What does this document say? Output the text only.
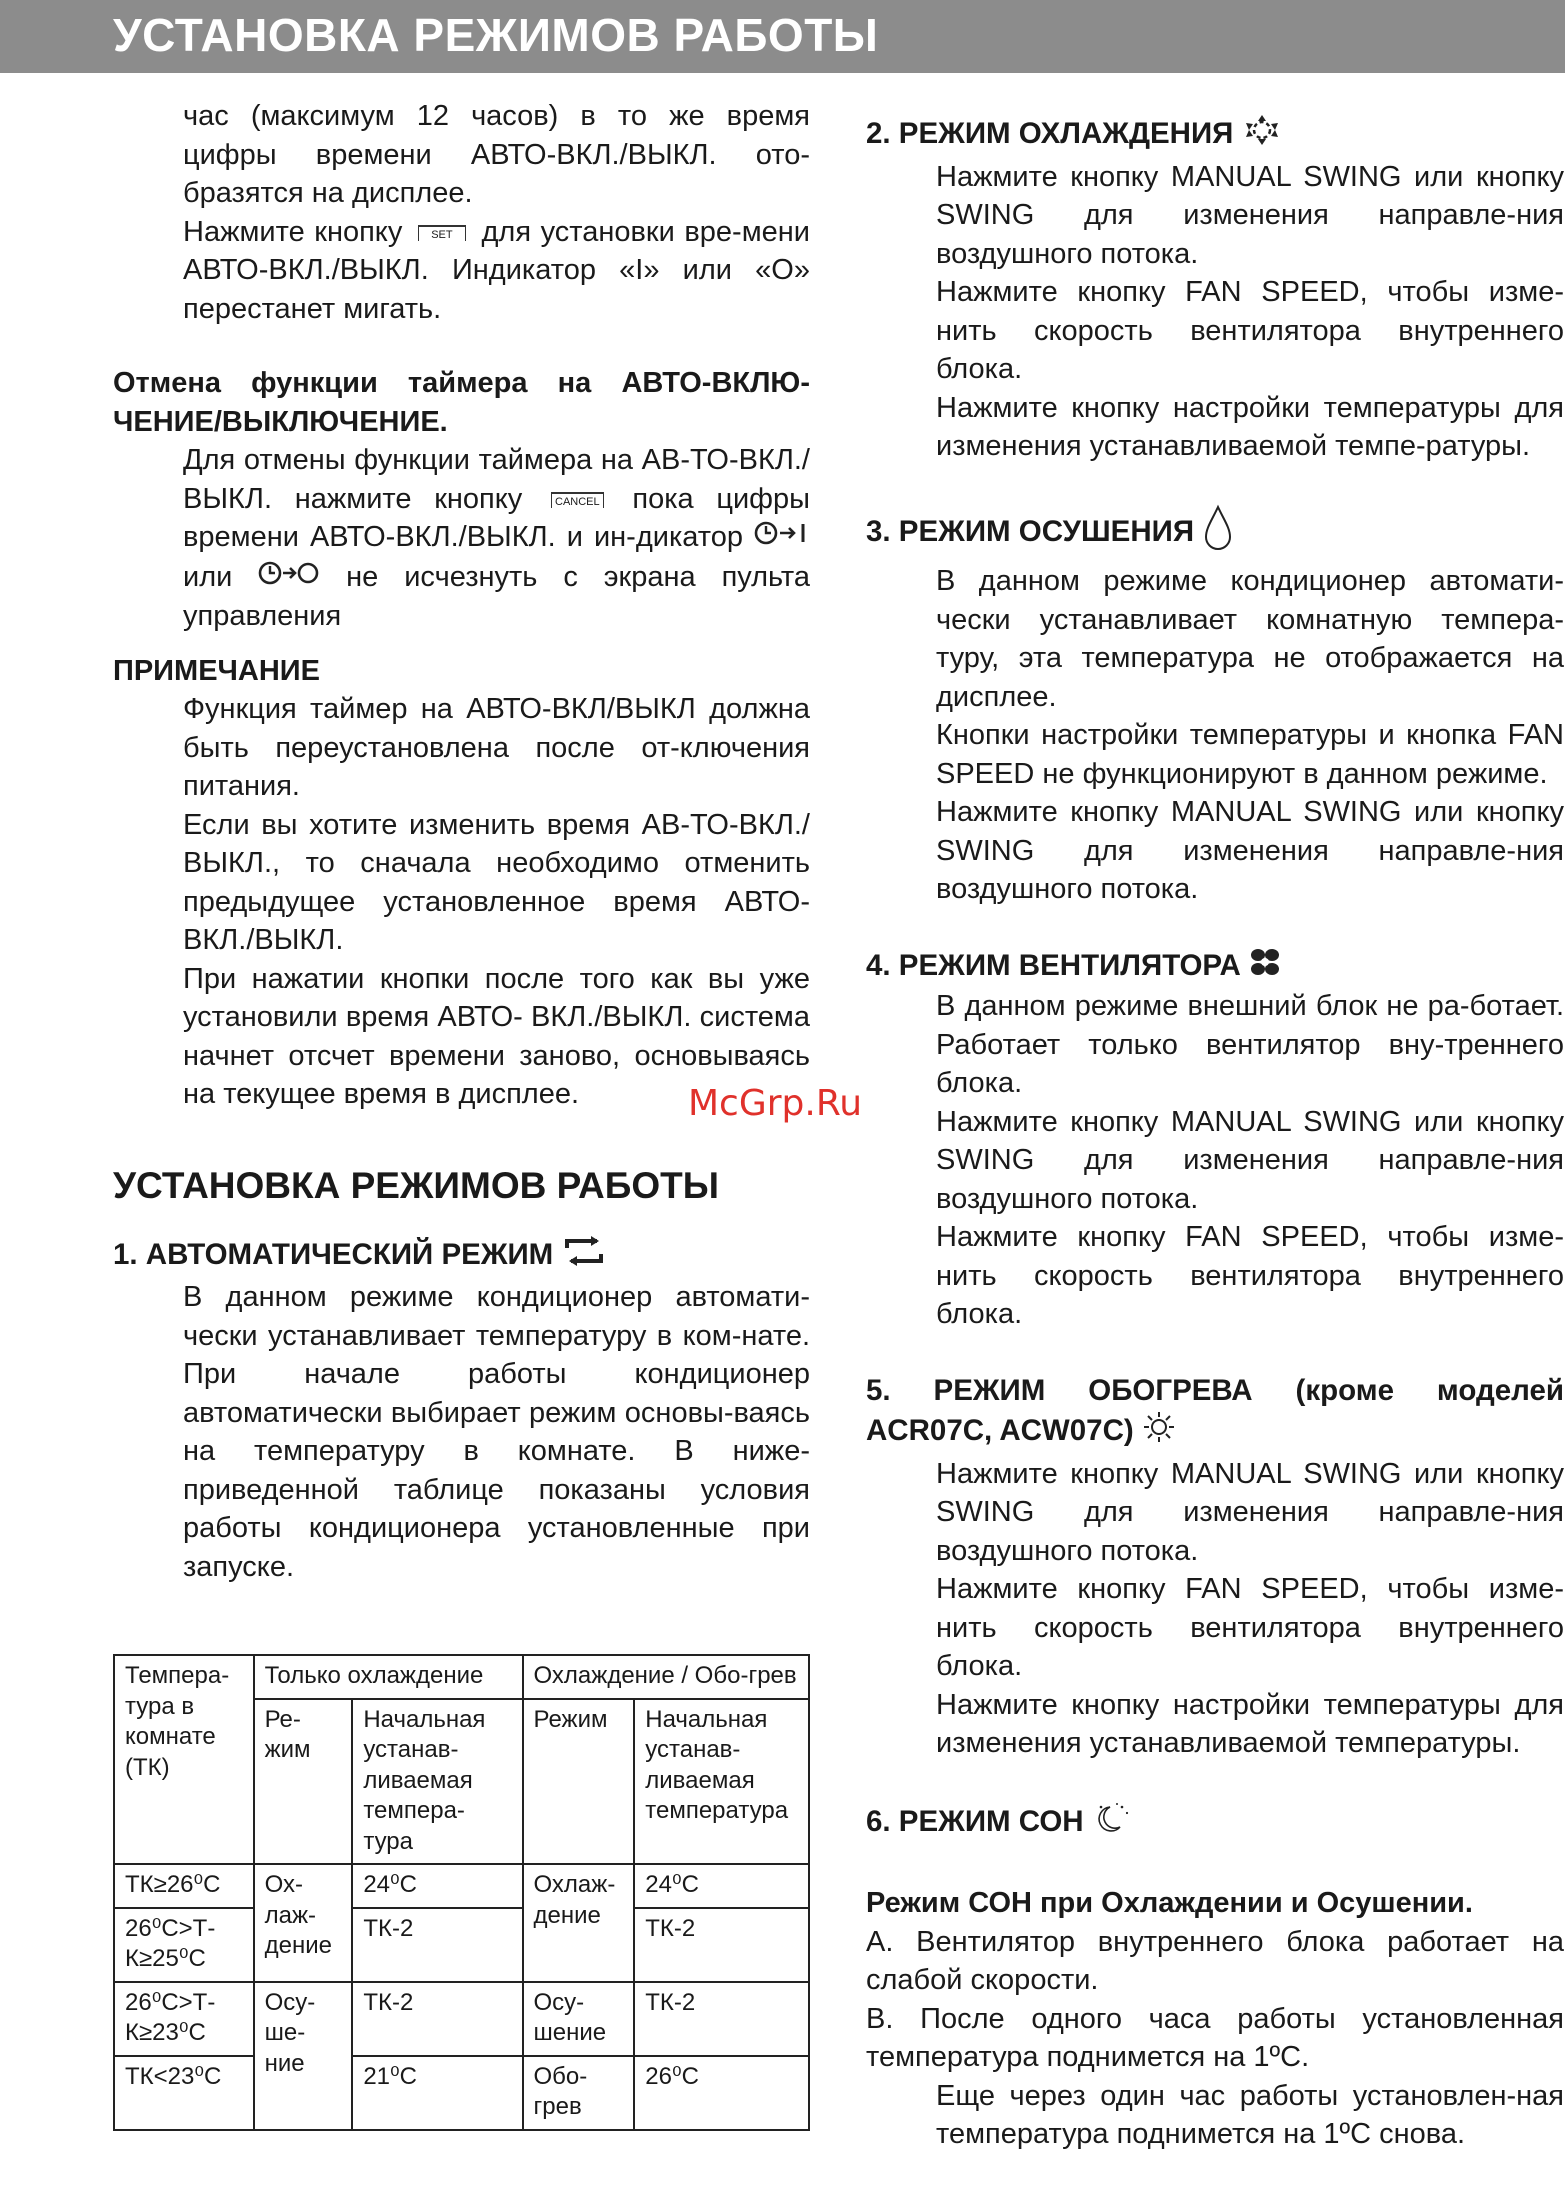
УСТАНОВКА РЕЖИМОВ РАБОТЫ

час (максимум 12 часов) в то же время цифры времени АВТО-ВКЛ./ВЫКЛ. ото-бразятся на дисплее.

Нажмите кнопку	SET для установки вре-мени АВТО-ВКЛ./ВЫКЛ. Индикатор «I» или «O» перестанет мигать.

Отмена функции таймера на АВТО-ВКЛЮ-ЧЕНИЕ/ВЫКЛЮЧЕНИЕ.

Для отмены функции таймера на АВ-ТО-ВКЛ./ВЫКЛ. нажмите кнопку	CANCEL пока цифры времени АВТО-ВКЛ./ВЫКЛ. и ин-дикатор  или	не исчезнуть с экрана пульта управления

ПРИМЕЧАНИЕ

Функция таймер на АВТО-ВКЛ/ВЫКЛ должна быть переустановлена после от-ключения питания.

Если вы хотите изменить время АВ-ТО-ВКЛ./ВЫКЛ., то сначала необходимо отменить предыдущее установленное время АВТО-ВКЛ./ВЫКЛ.

При нажатии кнопки после того как вы уже установили время АВТО- ВКЛ./ВЫКЛ. система начнет отсчет времени заново, основываясь на текущее время в дисплее.

УСТАНОВКА РЕЖИМОВ РАБОТЫ
1. АВТОМАТИЧЕСКИЙ РЕЖИМ

В данном режиме кондиционер автомати-чески устанавливает температуру в ком-нате. При начале работы кондиционер автоматически выбирает режим основы-ваясь на температуру в комнате. В ниже-приведенной таблице показаны условия работы кондиционера установленные при запуске.

Темпера-тура в комнате (ТК)	Только охлаждение		Охлаждение / Обо-грев	
	Ре-жим	Начальная устанав-ливаемая темпера-тура	Режим	Начальная устанав-ливаемая температура
ТК≥26⁰С	Ох-лаж-дение	24⁰С	Охлаж-дение	24⁰С
26⁰С>Т-К≥25⁰С		ТК-2		ТК-2
26⁰С>Т-К≥23⁰С	Осу-ше-ние	ТК-2	Осу-шение	ТК-2
ТК<23⁰С		21⁰С	Обо-грев	26⁰С
2. РЕЖИМ ОХЛАЖДЕНИЯ

Нажмите кнопку MANUAL SWING или кнопку SWING для изменения направле-ния воздушного потока.

Нажмите кнопку FAN SPEED, чтобы изме-нить скорость вентилятора внутреннего блока.

Нажмите кнопку настройки температуры для изменения устанавливаемой темпе-ратуры.

3. РЕЖИМ ОСУШЕНИЯ

В данном режиме кондиционер автомати-чески устанавливает комнатную темпера-туру, эта температура не отображается на дисплее.

Кнопки настройки температуры и кнопка FAN SPEED не функционируют в данном режиме.

Нажмите кнопку MANUAL SWING или кнопку SWING для изменения направле-ния воздушного потока.

4. РЕЖИМ ВЕНТИЛЯТОРА

В данном режиме внешний блок не ра-ботает. Работает только вентилятор вну-треннего блока.

Нажмите кнопку MANUAL SWING или кнопку SWING для изменения направле-ния воздушного потока.

Нажмите кнопку FAN SPEED, чтобы изме-нить скорость вентилятора внутреннего блока.

5. РЕЖИМ ОБОГРЕВА (кроме моделей
ACR07C, ACW07C)

Нажмите кнопку MANUAL SWING или кнопку SWING для изменения направле-ния воздушного потока.

Нажмите кнопку FAN SPEED, чтобы изме-нить скорость вентилятора внутреннего блока.

Нажмите кнопку настройки температуры для изменения устанавливаемой температуры.

6. РЕЖИМ СОН

Режим СОН при Охлаждении и Осушении.

A. Вентилятор внутреннего блока работает на слабой скорости.

B. После одного часа работы установленная температура поднимется на 1ºС.

Еще через один час работы установлен-ная температура поднимется на 1ºС снова.

McGrp.Ru
